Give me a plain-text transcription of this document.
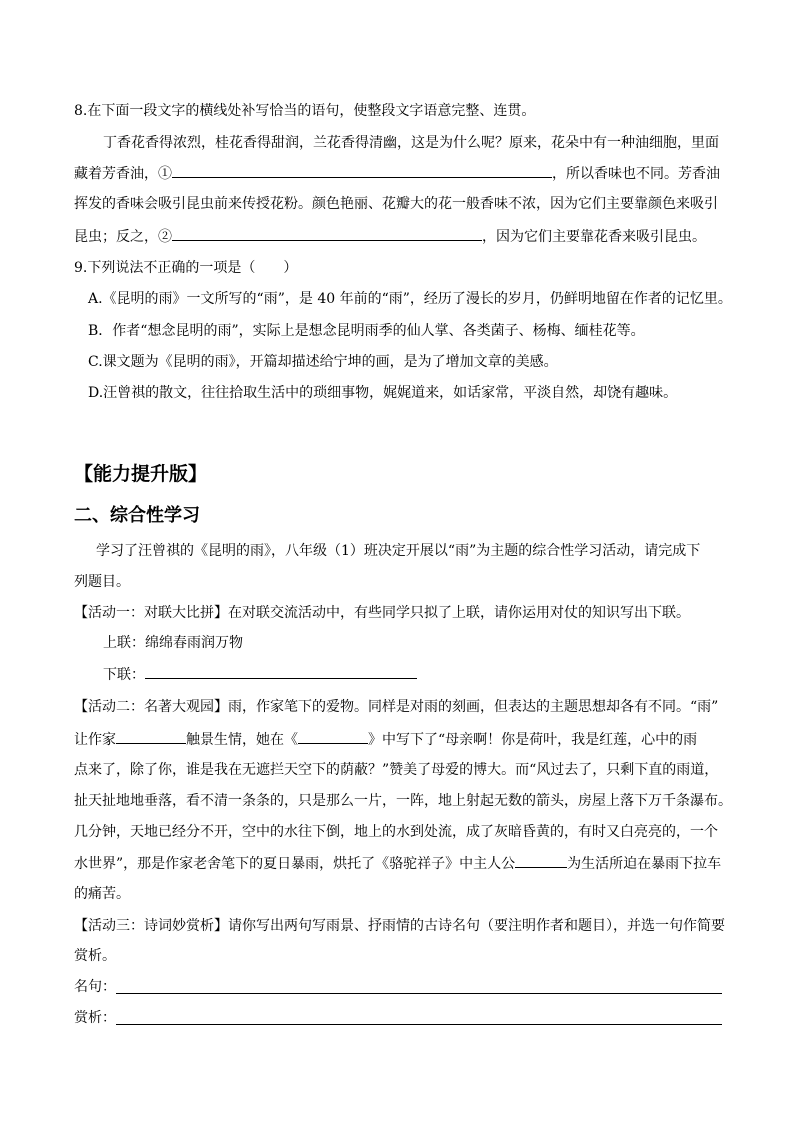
8.在下面一段文字的横线处补写恰当的语句，使整段文字语意完整、连贯。
丁香花香得浓烈，桂花香得甜润，兰花香得清幽，这是为什么呢？原来，花朵中有一种油细胞，里面
藏着芳香油，①	，所以香味也不同。芳香油
挥发的香味会吸引昆虫前来传授花粉。颜色艳丽、花瓣大的花一般香味不浓，因为它们主要靠颜色来吸引
昆虫；反之，②	，因为它们主要靠花香来吸引昆虫。
9.下列说法不正确的一项是（　　）
A.《昆明的雨》一文所写的“雨”，是 40 年前的“雨”，经历了漫长的岁月，仍鲜明地留在作者的记忆里。
B．作者“想念昆明的雨”，实际上是想念昆明雨季的仙人掌、各类菌子、杨梅、缅桂花等。
C.课文题为《昆明的雨》，开篇却描述给宁坤的画，是为了增加文章的美感。
D.汪曾祺的散文，往往拾取生活中的琐细事物，娓娓道来，如话家常，平淡自然，却饶有趣味。
【能力提升版】
二、综合性学习
学习了汪曾祺的《昆明的雨》，八年级（1）班决定开展以“雨”为主题的综合性学习活动，请完成下
列题目。
【活动一：对联大比拼】在对联交流活动中，有些同学只拟了上联，请你运用对仗的知识写出下联。
上联：绵绵春雨润万物
下联：
【活动二：名著大观园】雨，作家笔下的爱物。同样是对雨的刻画，但表达的主题思想却各有不同。“雨”
让作家	触景生情，她在《	》中写下了“母亲啊！你是荷叶，我是红莲，心中的雨
点来了，除了你，谁是我在无遮拦天空下的荫蔽？”赞美了母爱的博大。而“风过去了，只剩下直的雨道，
扯天扯地地垂落，看不清一条条的，只是那么一片，一阵，地上射起无数的箭头，房屋上落下万千条瀑布。
几分钟，天地已经分不开，空中的水往下倒，地上的水到处流，成了灰暗昏黄的，有时又白亮亮的，一个
水世界”，那是作家老舍笔下的夏日暴雨，烘托了《骆驼祥子》中主人公	为生活所迫在暴雨下拉车
的痛苦。
【活动三：诗词妙赏析】请你写出两句写雨景、抒雨情的古诗名句（要注明作者和题目），并选一句作简要
赏析。
名句：
赏析：
